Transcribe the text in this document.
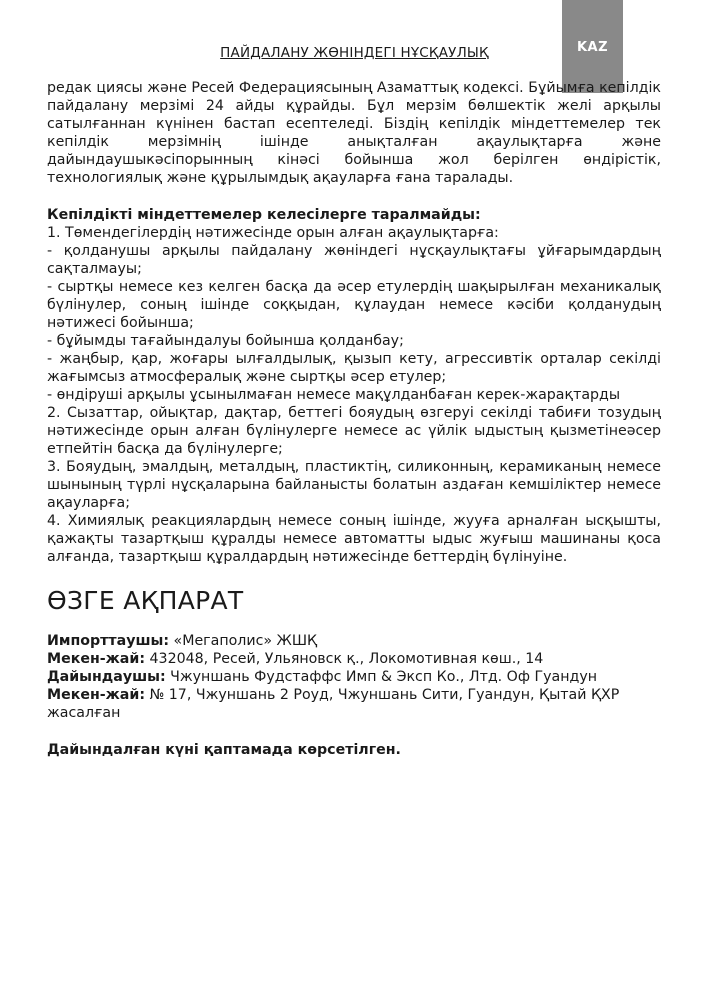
KAZ
ПАЙДАЛАНУ ЖӨНІНДЕГІ НҰСҚАУЛЫҚ

редак циясы және Ресей Федерациясының Азаматтық кодексі. Бұйымға кепілдік пайдалану мерзімі 24 айды құрайды. Бұл мерзім бөлшектік желі арқылы сатылғаннан күнінен бастап есептеледі. Біздің кепілдік міндеттемелер тек кепілдік мерзімнің ішінде анықталған ақаулықтарға және дайындаушыкәсіпорынның кінәсі бойынша жол берілген өндірістік, технологиялық және құрылымдық ақауларға ғана таралады.

Кепілдікті міндеттемелер келесілерге таралмайды:

1. Төмендегілердің нәтижесінде орын алған ақаулықтарға:

- қолданушы арқылы пайдалану жөніндегі нұсқаулықтағы ұйғарымдардың сақталмауы;

- сыртқы немесе кез келген басқа да әсер етулердің шақырылған механикалық бүлінулер, соның ішінде соққыдан, құлаудан немесе кәсіби қолданудың нәтижесі бойынша;

- бұйымды тағайындалуы бойынша қолданбау;

- жаңбыр, қар, жоғары ылғалдылық, қызып кету, агрессивтік орталар секілді жағымсыз атмосфералық және сыртқы әсер етулер;

- өндіруші арқылы ұсынылмаған немесе мақұлданбаған керек-жарақтарды

2. Сызаттар, ойықтар, дақтар, беттегі бояудың өзгеруі секілді табиғи тозудың нәтижесінде орын алған бүлінулерге немесе ас үйлік ыдыстың қызметінеәсер етпейтін басқа да бүлінулерге;

3. Бояудың, эмалдың, металдың, пластиктің, силиконның, керамиканың немесе шынының түрлі нұсқаларына байланысты болатын аздаған кемшіліктер немесе ақауларға;

4. Химиялық реакциялардың немесе соның ішінде, жууға арналған ысқышты, қажақты тазартқыш құралды немесе автоматты ыдыс жуғыш машинаны қоса алғанда, тазартқыш құралдардың нәтижесінде беттердің бүлінуіне.

ӨЗГЕ АҚПАРАТ

Импорттаушы: «Мегаполис» ЖШҚ

Мекен-жай: 432048, Ресей, Ульяновск қ., Локомотивная көш., 14

Дайындаушы: Чжуншань Фудстаффс Имп & Эксп Ко., Лтд. Оф Гуандун

Мекен-жай: № 17, Чжуншань 2 Роуд, Чжуншань Сити, Гуандун, Қытай ҚХР жасалған

Дайындалған күні қаптамада көрсетілген.
